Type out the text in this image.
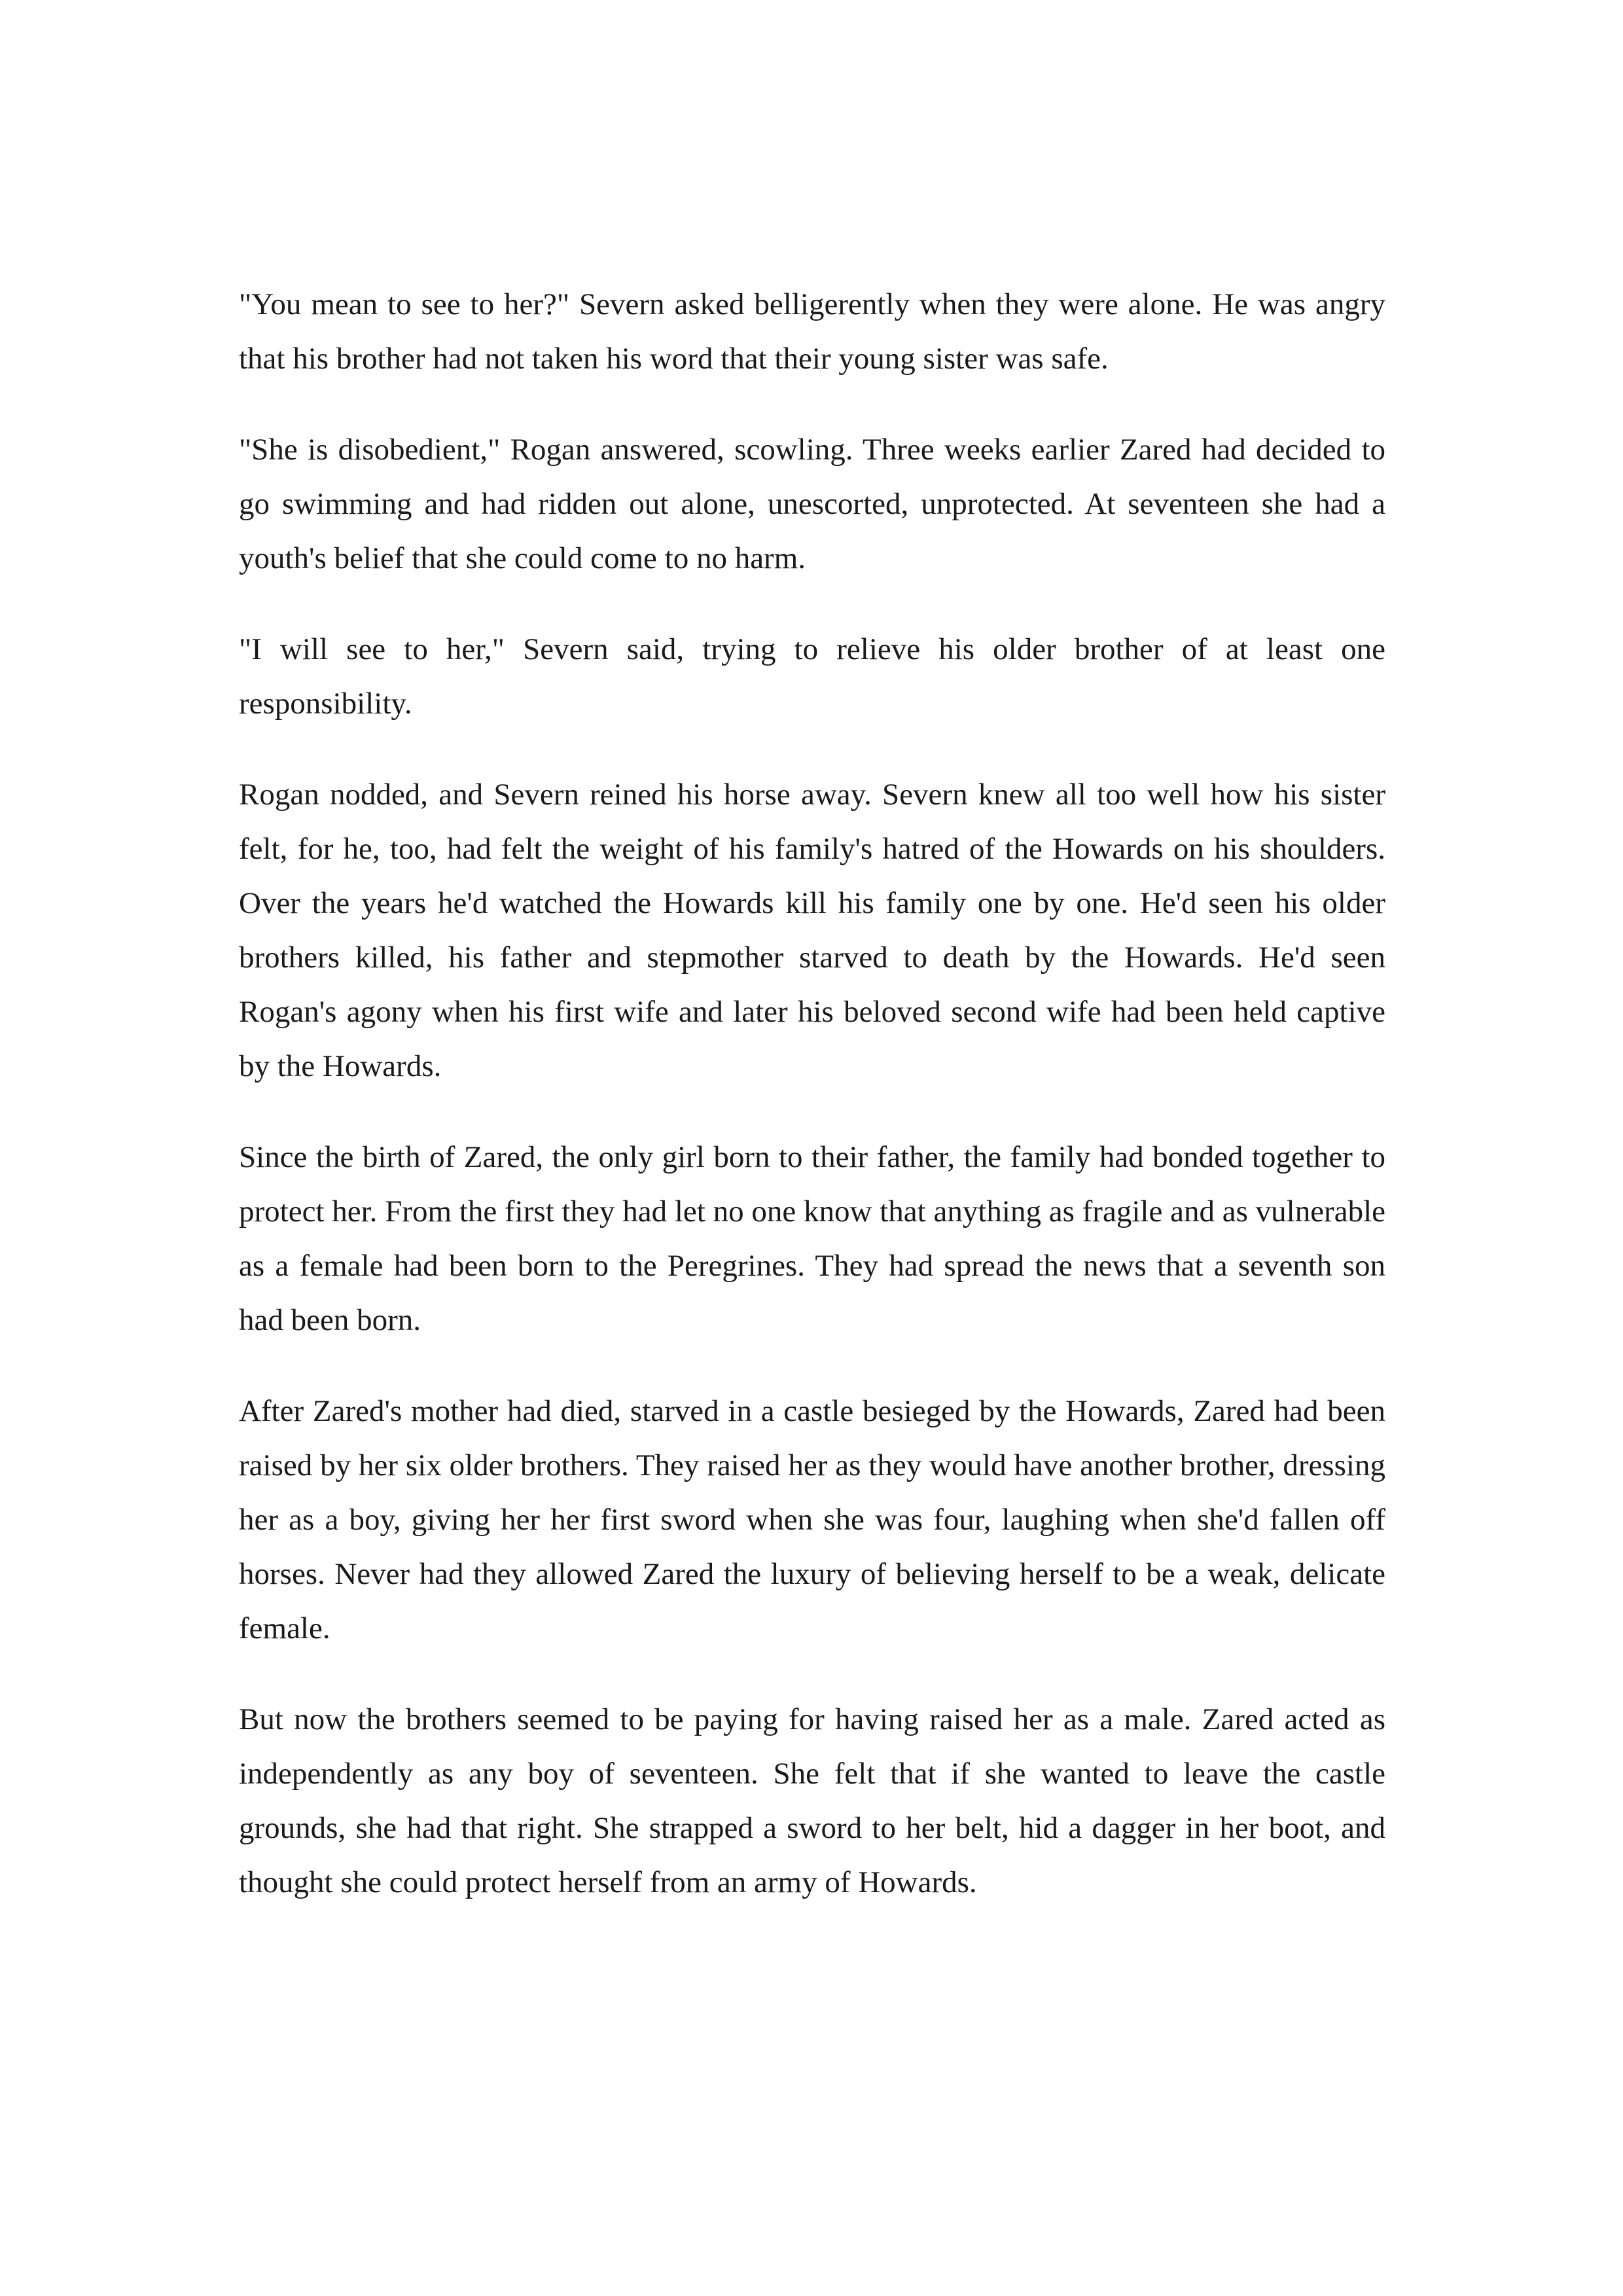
"You mean to see to her?" Severn asked belligerently when they were alone. He was angry that his brother had not taken his word that their young sister was safe.

"She is disobedient," Rogan answered, scowling. Three weeks earlier Zared had decided to go swimming and had ridden out alone, unescorted, unprotected. At seventeen she had a youth's belief that she could come to no harm.

"I will see to her," Severn said, trying to relieve his older brother of at least one responsibility.

Rogan nodded, and Severn reined his horse away. Severn knew all too well how his sister felt, for he, too, had felt the weight of his family's hatred of the Howards on his shoulders. Over the years he'd watched the Howards kill his family one by one. He'd seen his older brothers killed, his father and stepmother starved to death by the Howards. He'd seen Rogan's agony when his first wife and later his beloved second wife had been held captive by the Howards.

Since the birth of Zared, the only girl born to their father, the family had bonded together to protect her. From the first they had let no one know that anything as fragile and as vulnerable as a female had been born to the Peregrines. They had spread the news that a seventh son had been born.

After Zared's mother had died, starved in a castle besieged by the Howards, Zared had been raised by her six older brothers. They raised her as they would have another brother, dressing her as a boy, giving her her first sword when she was four, laughing when she'd fallen off horses. Never had they allowed Zared the luxury of believing herself to be a weak, delicate female.

But now the brothers seemed to be paying for having raised her as a male. Zared acted as independently as any boy of seventeen. She felt that if she wanted to leave the castle grounds, she had that right. She strapped a sword to her belt, hid a dagger in her boot, and thought she could protect herself from an army of Howards.
